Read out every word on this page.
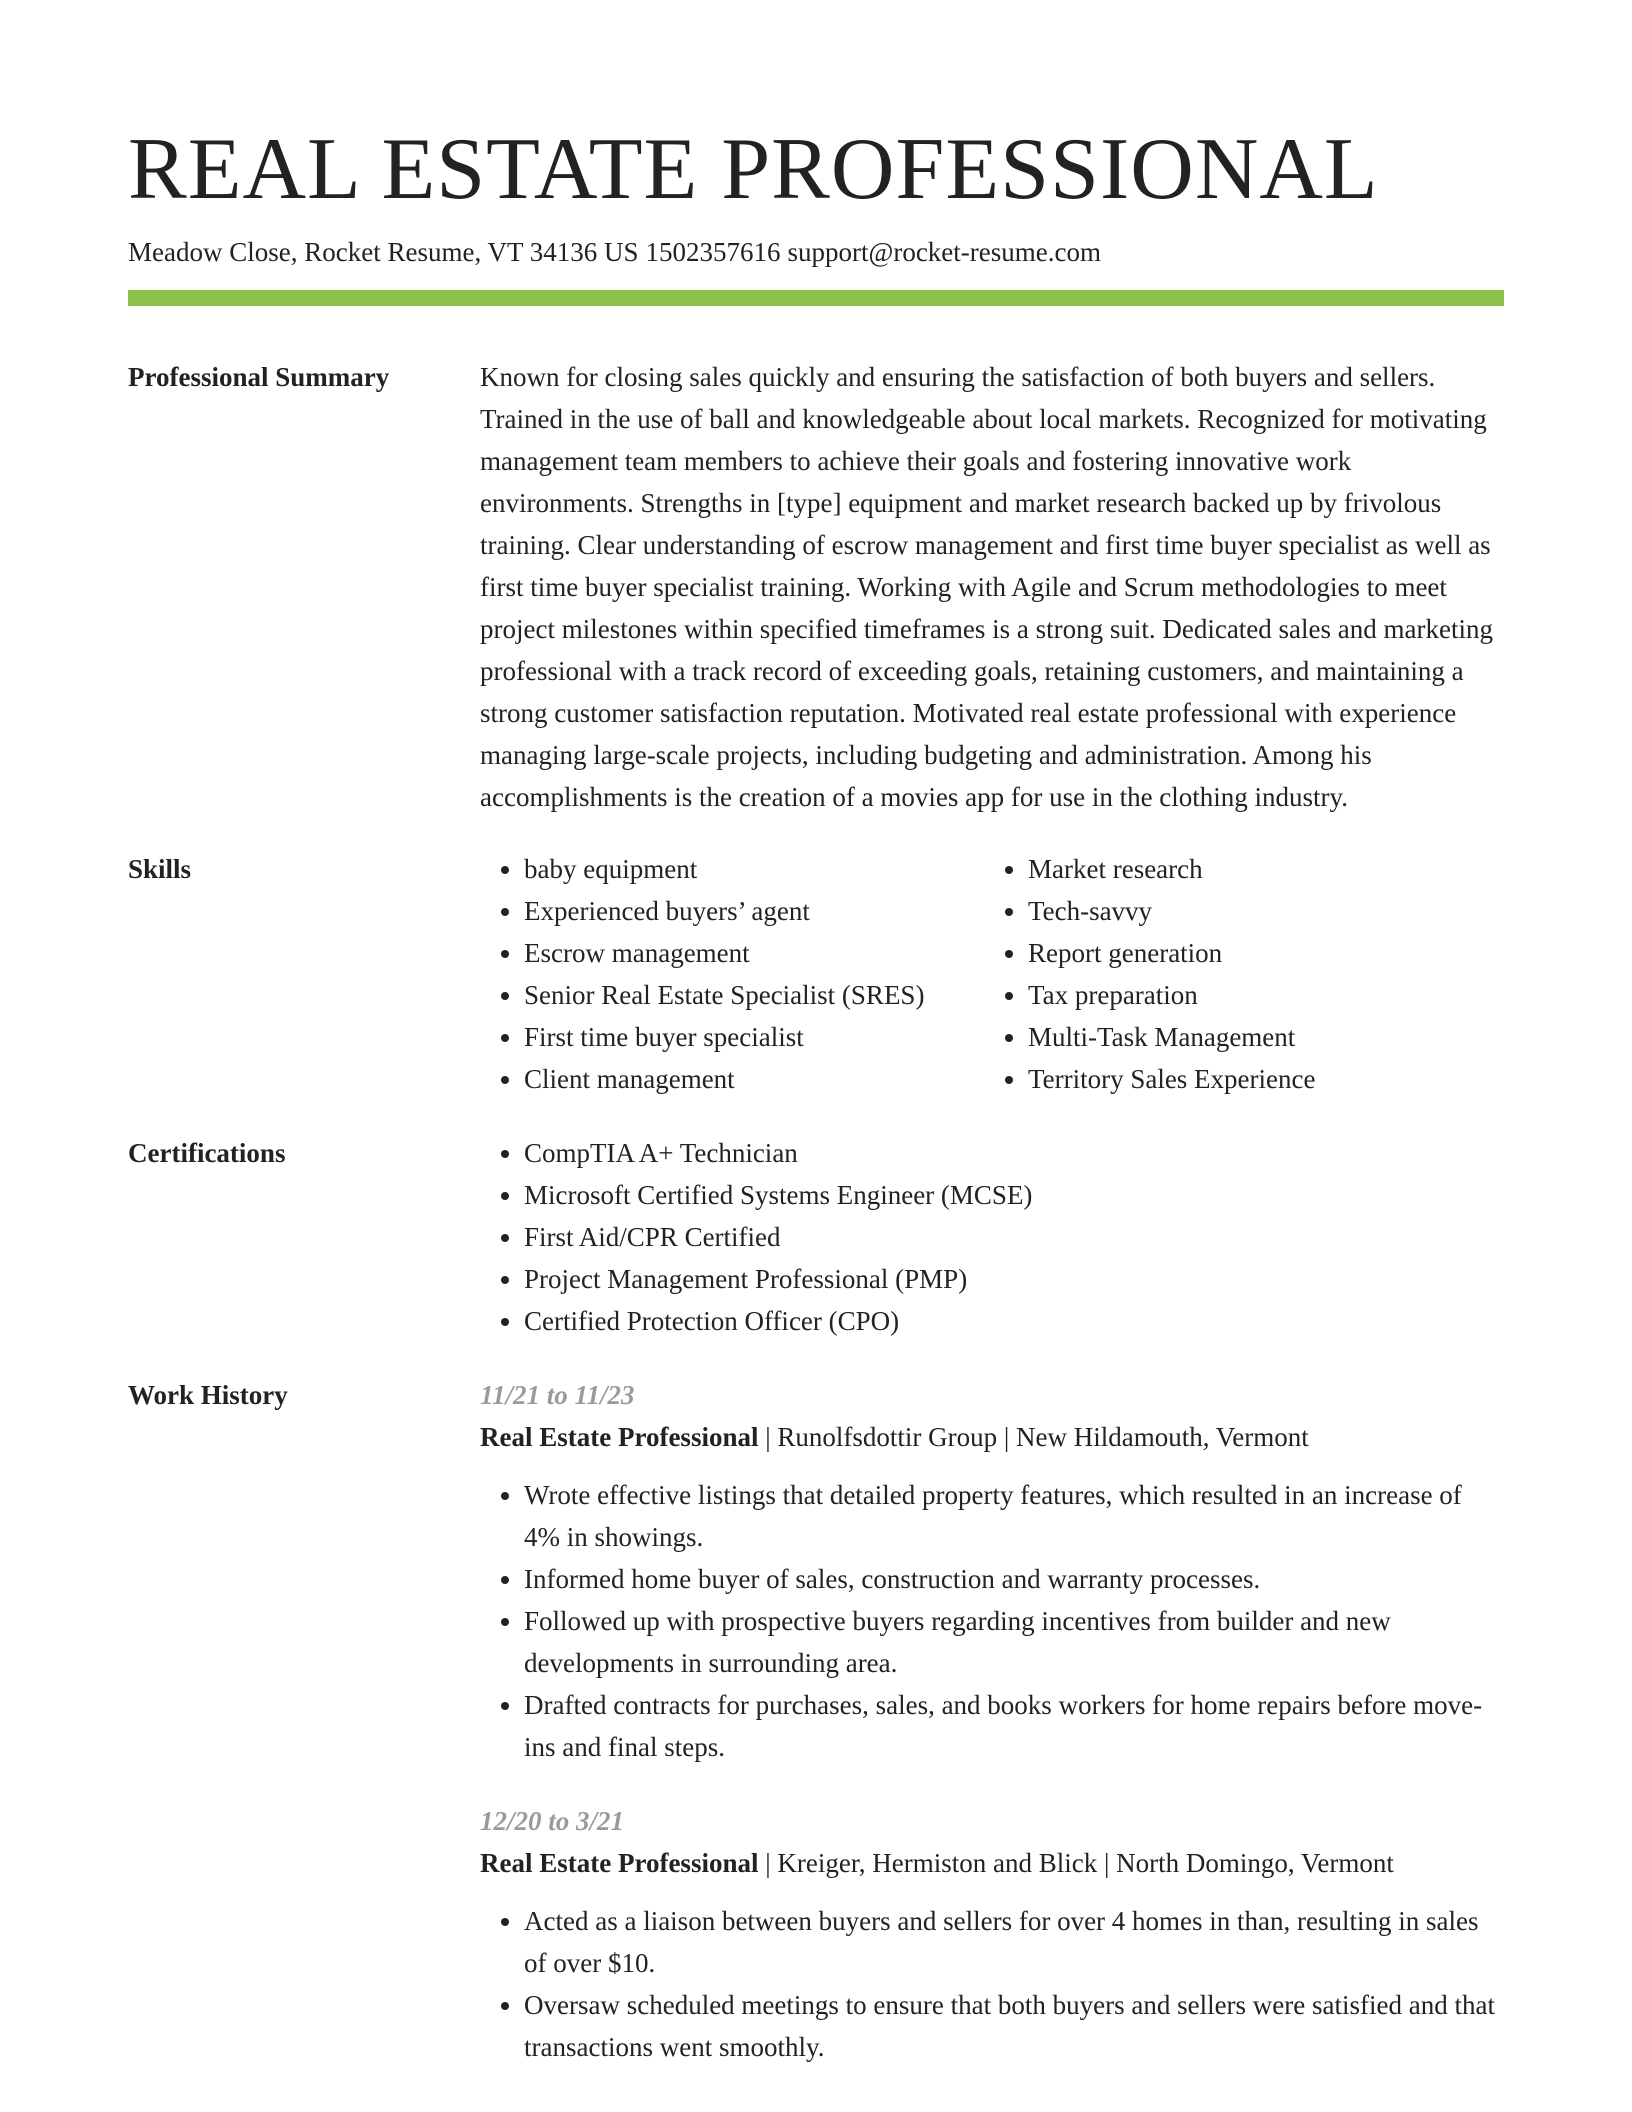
REAL ESTATE PROFESSIONAL
Meadow Close, Rocket Resume, VT 34136 US 1502357616 support@rocket-resume.com
Professional Summary	Known for closing sales quickly and ensuring the satisfaction of both buyers and sellers. Trained in the use of ball and knowledgeable about local markets. Recognized for motivating management team members to achieve their goals and fostering innovative work environments. Strengths in [type] equipment and market research backed up by frivolous training. Clear understanding of escrow management and first time buyer specialist as well as first time buyer specialist training. Working with Agile and Scrum methodologies to meet project milestones within specified timeframes is a strong suit. Dedicated sales and marketing professional with a track record of exceeding goals, retaining customers, and maintaining a strong customer satisfaction reputation. Motivated real estate professional with experience managing large-scale projects, including budgeting and administration. Among his accomplishments is the creation of a movies app for use in the clothing industry.

Skills	• baby equipment
• Experienced buyers’ agent
• Escrow management
• Senior Real Estate Specialist (SRES)
• First time buyer specialist
• Client management
• Market research
• Tech-savvy
• Report generation
• Tax preparation
• Multi-Task Management
• Territory Sales Experience
Certifications	• CompTIA A+ Technician
• Microsoft Certified Systems Engineer (MCSE)
• First Aid/CPR Certified
• Project Management Professional (PMP)
• Certified Protection Officer (CPO)
Work History	11/21 to 11/23
Real Estate Professional | Runolfsdottir Group | New Hildamouth, Vermont
• Wrote effective listings that detailed property features, which resulted in an increase of 4% in showings.
• Informed home buyer of sales, construction and warranty processes.
• Followed up with prospective buyers regarding incentives from builder and new developments in surrounding area.
• Drafted contracts for purchases, sales, and books workers for home repairs before move-ins and final steps.
12/20 to 3/21
Real Estate Professional | Kreiger, Hermiston and Blick | North Domingo, Vermont
• Acted as a liaison between buyers and sellers for over 4 homes in than, resulting in sales of over $10.
• Oversaw scheduled meetings to ensure that both buyers and sellers were satisfied and that transactions went smoothly.
